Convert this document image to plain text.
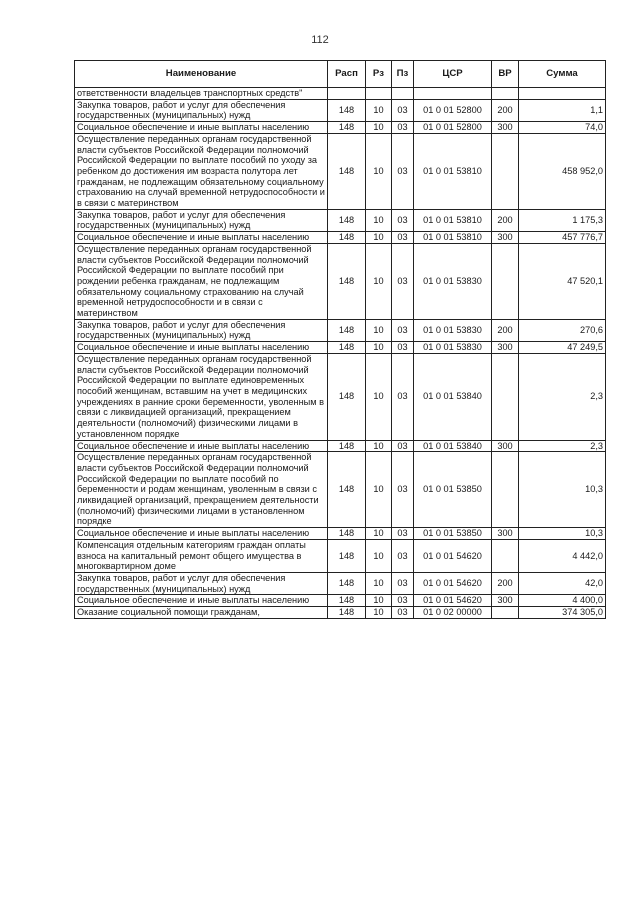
112
Наименование	Расп	Рз	Пз	ЦСР	ВР	Сумма
ответственности владельцев транспортных средств"						
Закупка товаров, работ и услуг для обеспечения государственных (муниципальных) нужд	148	10	03	01 0 01 52800	200	1,1
Социальное обеспечение и иные выплаты населению	148	10	03	01 0 01 52800	300	74,0
Осуществление переданных органам государственной власти субъектов Российской Федерации полномочий Российской Федерации по выплате пособий по уходу за ребенком до достижения им возраста полутора лет гражданам, не подлежащим обязательному социальному страхованию на случай временной нетрудоспособности и в связи с материнством	148	10	03	01 0 01 53810		458 952,0
Закупка товаров, работ и услуг для обеспечения государственных (муниципальных) нужд	148	10	03	01 0 01 53810	200	1 175,3
Социальное обеспечение и иные выплаты населению	148	10	03	01 0 01 53810	300	457 776,7
Осуществление переданных органам государственной власти субъектов Российской Федерации полномочий Российской Федерации по выплате пособий при рождении ребенка гражданам, не подлежащим обязательному социальному страхованию на случай временной нетрудоспособности и в связи с материнством	148	10	03	01 0 01 53830		47 520,1
Закупка товаров, работ и услуг для обеспечения государственных (муниципальных) нужд	148	10	03	01 0 01 53830	200	270,6
Социальное обеспечение и иные выплаты населению	148	10	03	01 0 01 53830	300	47 249,5
Осуществление переданных органам государственной власти субъектов Российской Федерации полномочий Российской Федерации по выплате единовременных пособий женщинам, вставшим на учет в медицинских учреждениях в ранние сроки беременности, уволенным в связи с ликвидацией организаций, прекращением деятельности (полномочий) физическими лицами в установленном порядке	148	10	03	01 0 01 53840		2,3
Социальное обеспечение и иные выплаты населению	148	10	03	01 0 01 53840	300	2,3
Осуществление переданных органам государственной власти субъектов Российской Федерации полномочий Российской Федерации по выплате пособий по беременности и родам женщинам, уволенным в связи с ликвидацией организаций, прекращением деятельности (полномочий) физическими лицами в установленном порядке	148	10	03	01 0 01 53850		10,3
Социальное обеспечение и иные выплаты населению	148	10	03	01 0 01 53850	300	10,3
Компенсация отдельным категориям граждан оплаты взноса на капитальный ремонт общего имущества в многоквартирном доме	148	10	03	01 0 01 54620		4 442,0
Закупка товаров, работ и услуг для обеспечения государственных (муниципальных) нужд	148	10	03	01 0 01 54620	200	42,0
Социальное обеспечение и иные выплаты населению	148	10	03	01 0 01 54620	300	4 400,0
Оказание социальной помощи гражданам,	148	10	03	01 0 02 00000		374 305,0
